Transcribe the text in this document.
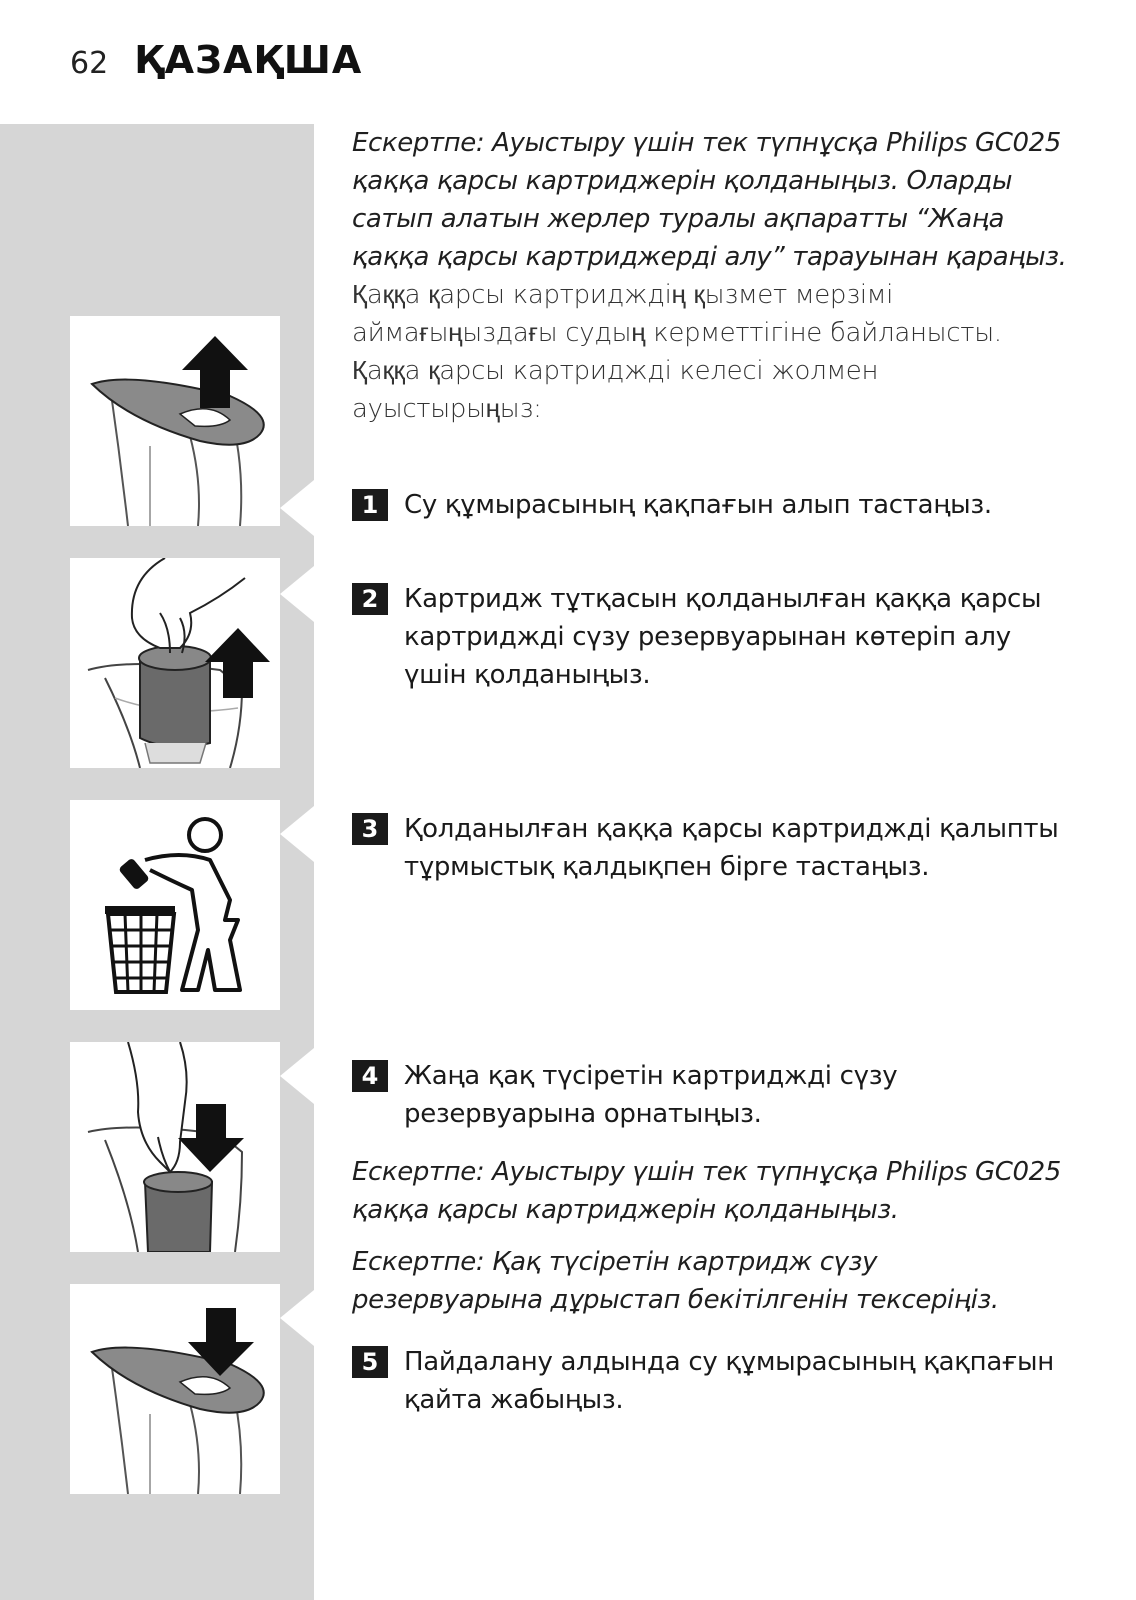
62 ҚАЗАҚША

Ескертпе: Ауыстыру үшін тек түпнұсқа Philips GC025 қаққа қарсы картриджерін қолданыңыз. Оларды сатып алатын жерлер туралы ақпаратты “Жаңа қаққа қарсы картриджерді алу” тарауынан қараңыз.

Қаққа қарсы картридждің қызмет мерзімі аймағыңыздағы судың керметтігіне байланысты. Қаққа қарсы картриджді келесі жолмен ауыстырыңыз:

1 Су құмырасының қақпағын алып тастаңыз.
2 Картридж тұтқасын қолданылған қаққа қарсы картриджді сүзу резервуарынан көтеріп алу үшін қолданыңыз.
3 Қолданылған қаққа қарсы картриджді қалыпты тұрмыстық қалдықпен бірге тастаңыз.
4 Жаңа қақ түсіретін картриджді сүзу резервуарына орнатыңыз.

Ескертпе: Ауыстыру үшін тек түпнұсқа Philips GC025 қаққа қарсы картриджерін қолданыңыз.

Ескертпе: Қақ түсіретін картридж сүзу резервуарына дұрыстап бекітілгенін тексеріңіз.

5 Пайдалану алдында су құмырасының қақпағын қайта жабыңыз.
